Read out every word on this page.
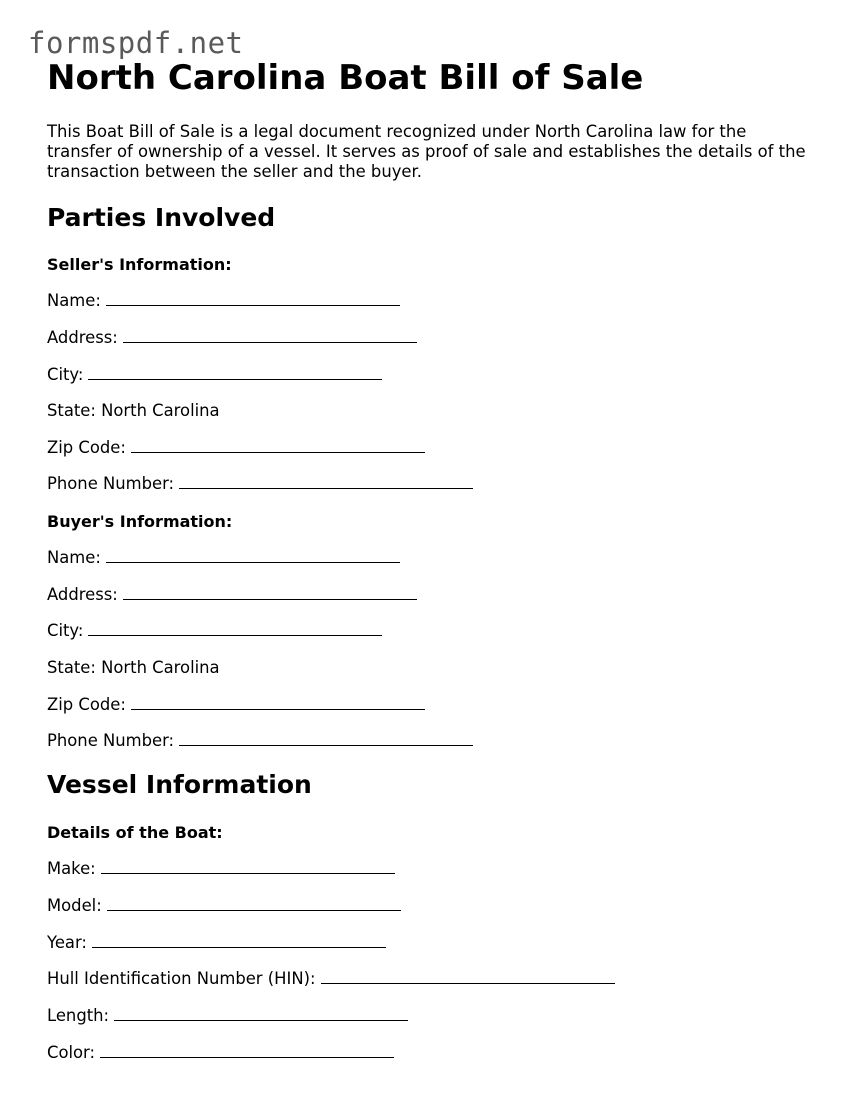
formspdf.net
North Carolina Boat Bill of Sale

This Boat Bill of Sale is a legal document recognized under North Carolina law for the transfer of ownership of a vessel. It serves as proof of sale and establishes the details of the transaction between the seller and the buyer.

Parties Involved
Seller's Information:
Name:
Address:
City:
State: North Carolina
Zip Code:
Phone Number:
Buyer's Information:
Name:
Address:
City:
State: North Carolina
Zip Code:
Phone Number:
Vessel Information
Details of the Boat:
Make:
Model:
Year:
Hull Identification Number (HIN):
Length:
Color:
